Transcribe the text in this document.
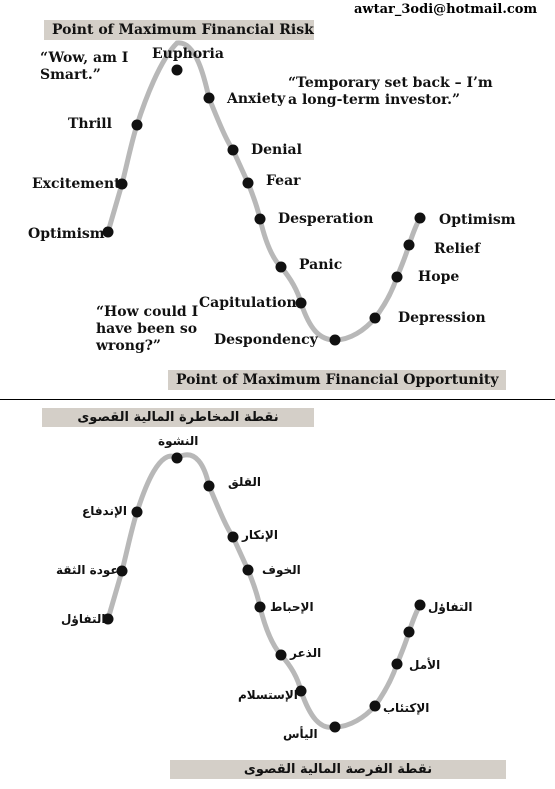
awtar_3odi@hotmail.com
Point of Maximum Financial Risk
Point of Maximum Financial Opportunity
“Wow, am I
Smart.”
“Temporary set back – I’m
a long-term investor.”
“How could I
have been so
wrong?”
Optimism
Excitement
Thrill
Euphoria
Anxiety
Denial
Fear
Desperation
Panic
Capitulation
Despondency
Depression
Hope
Relief
Optimism
نقطة المخاطرة المالية القصوى
نقطة الفرصة المالية القصوى
التفاؤل
عودة الثقة
الإندفاع
النشوة
القلق
الإنكار
الخوف
الإحباط
الذعر
الإستسلام
اليأس
الإكتئاب
الأمل
التفاؤل
